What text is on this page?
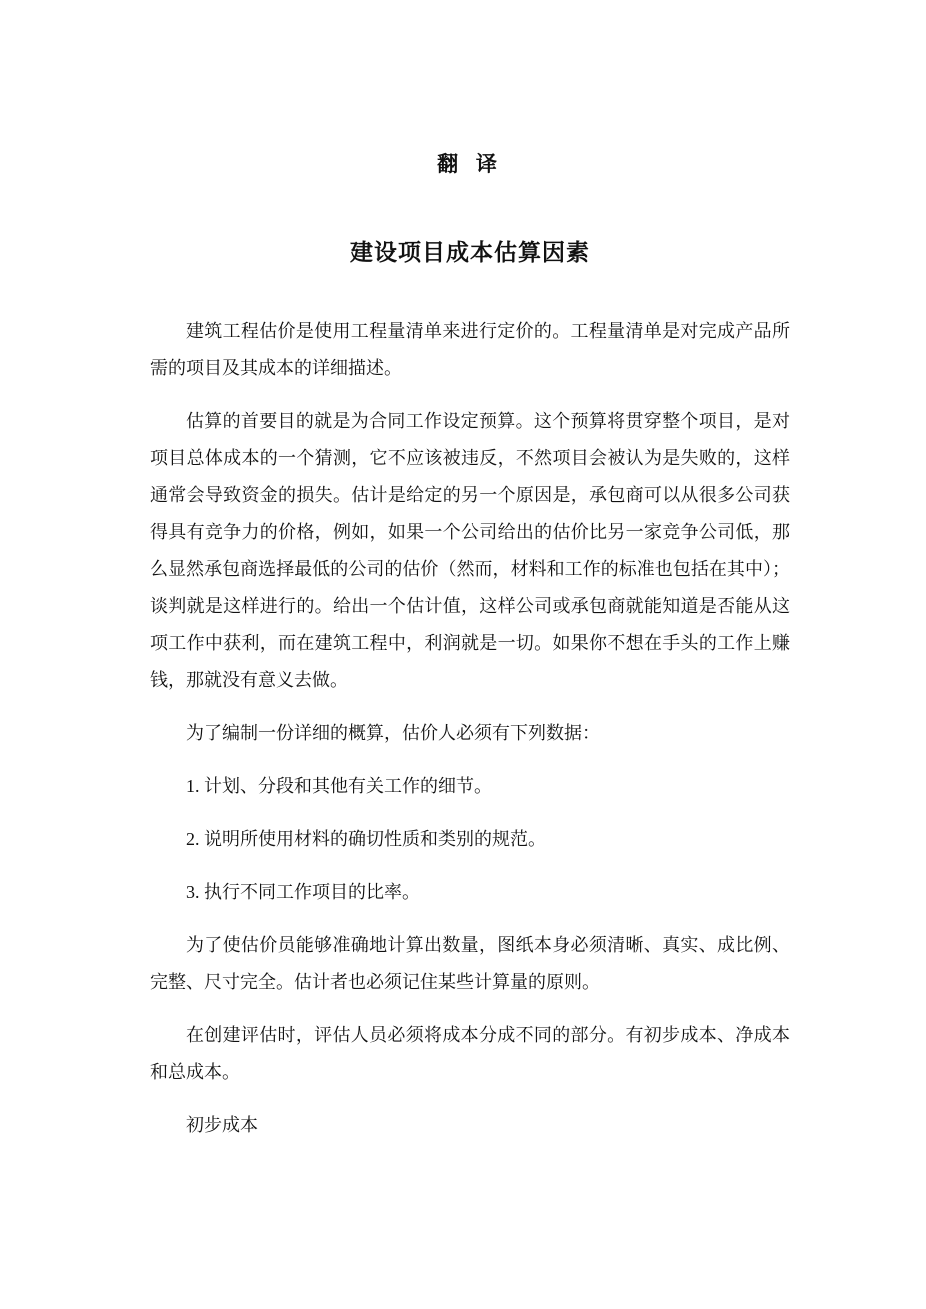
翻 译
建设项目成本估算因素

建筑工程估价是使用工程量清单来进行定价的。工程量清单是对完成产品所需的项目及其成本的详细描述。

估算的首要目的就是为合同工作设定预算。这个预算将贯穿整个项目，是对项目总体成本的一个猜测，它不应该被违反，不然项目会被认为是失败的，这样通常会导致资金的损失。估计是给定的另一个原因是，承包商可以从很多公司获得具有竞争力的价格，例如，如果一个公司给出的估价比另一家竞争公司低，那么显然承包商选择最低的公司的估价（然而，材料和工作的标准也包括在其中）；谈判就是这样进行的。给出一个估计值，这样公司或承包商就能知道是否能从这项工作中获利，而在建筑工程中，利润就是一切。如果你不想在手头的工作上赚钱，那就没有意义去做。

为了编制一份详细的概算，估价人必须有下列数据：

1. 计划、分段和其他有关工作的细节。

2. 说明所使用材料的确切性质和类别的规范。

3. 执行不同工作项目的比率。

为了使估价员能够准确地计算出数量，图纸本身必须清晰、真实、成比例、完整、尺寸完全。估计者也必须记住某些计算量的原则。

在创建评估时，评估人员必须将成本分成不同的部分。有初步成本、净成本和总成本。

初步成本
